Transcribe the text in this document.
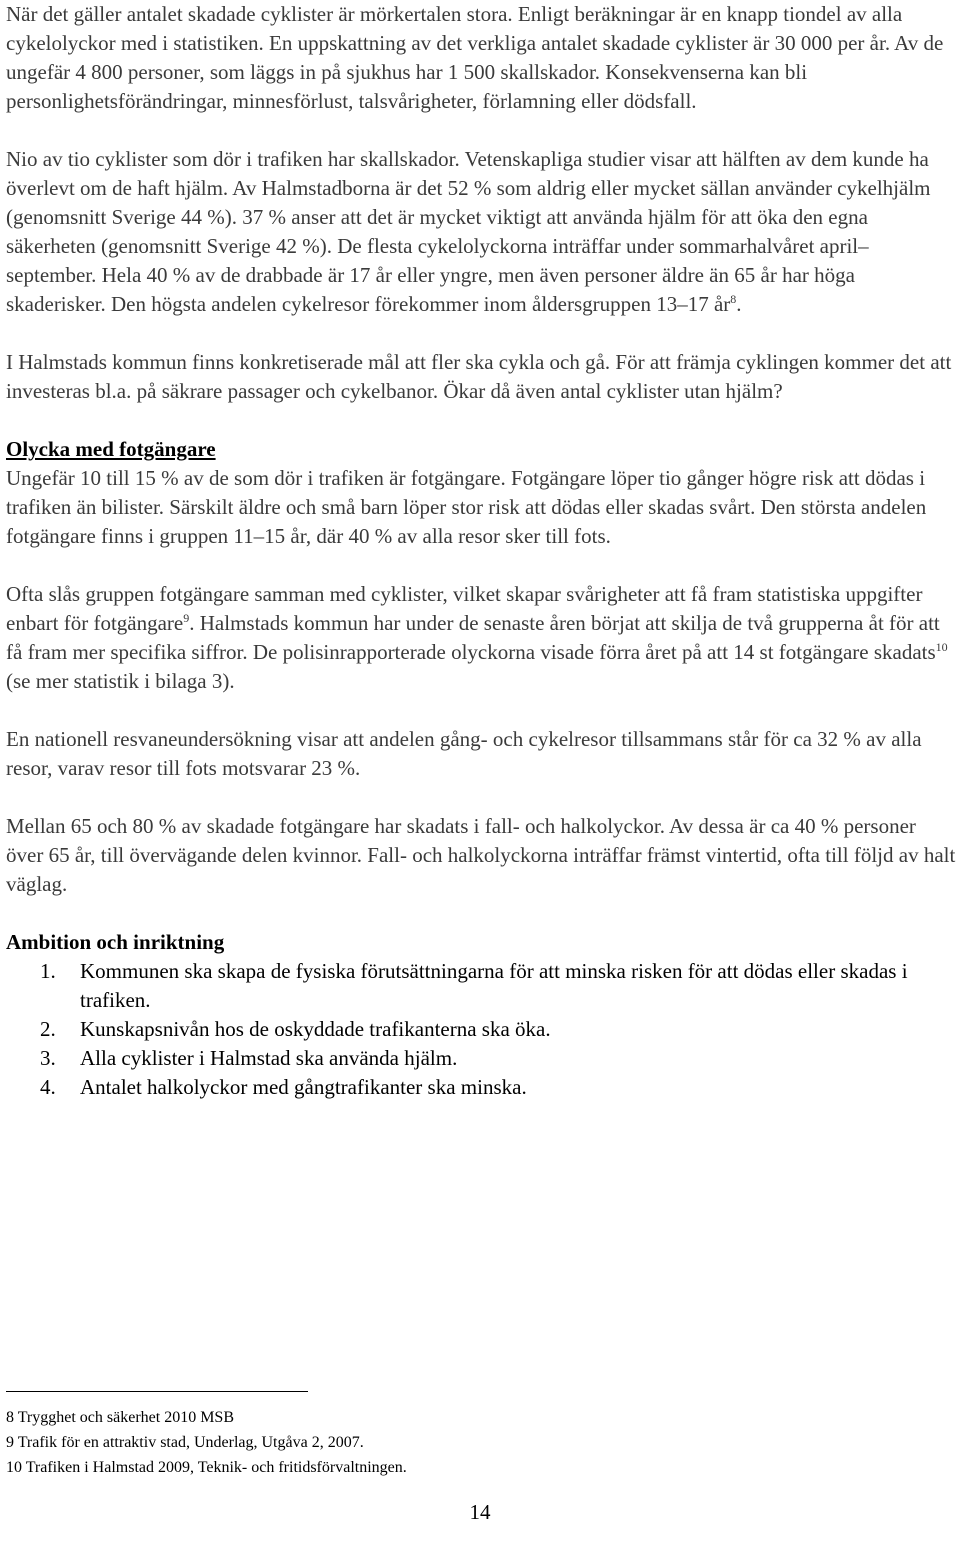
När det gäller antalet skadade cyklister är mörkertalen stora. Enligt beräkningar är en knapp tiondel av alla cykelolyckor med i statistiken. En uppskattning av det verkliga antalet skadade cyklister är 30 000 per år. Av de ungefär 4 800 personer, som läggs in på sjukhus har 1 500 skallskador. Konsekvenserna kan bli personlighetsförändringar, minnesförlust, talsvårigheter, förlamning eller dödsfall.

Nio av tio cyklister som dör i trafiken har skallskador. Vetenskapliga studier visar att hälften av dem kunde ha överlevt om de haft hjälm. Av Halmstadborna är det 52 % som aldrig eller mycket sällan använder cykelhjälm (genomsnitt Sverige 44 %). 37 % anser att det är mycket viktigt att använda hjälm för att öka den egna säkerheten (genomsnitt Sverige 42 %). De flesta cykelolyckorna inträffar under sommarhalvåret april– september. Hela 40 % av de drabbade är 17 år eller yngre, men även personer äldre än 65 år har höga skaderisker. Den högsta andelen cykelresor förekommer inom åldersgruppen 13–17 $år^8$.

I Halmstads kommun finns konkretiserade mål att fler ska cykla och gå. För att främja cyklingen kommer det att investeras bl.a. på säkrare passager och cykelbanor. Ökar då även antal cyklister utan hjälm?

Olycka med fotgängare

Ungefär 10 till 15 % av de som dör i trafiken är fotgängare. Fotgängare löper tio gånger högre risk att dödas i trafiken än bilister. Särskilt äldre och små barn löper stor risk att dödas eller skadas svårt. Den största andelen fotgängare finns i gruppen 11–15 år, där 40 % av alla resor sker till fots.

Ofta slås gruppen fotgängare samman med cyklister, vilket skapar svårigheter att få fram statistiska uppgifter enbart för fotgängare$^9$. Halmstads kommun har under de senaste åren börjat att skilja de två grupperna åt för att få fram mer specifika siffror. De polisinrapporterade olyckorna visade förra året på att 14 st fotgängare skadats$^{10}$ (se mer statistik i bilaga 3).

En nationell resvaneundersökning visar att andelen gång- och cykelresor tillsammans står för ca 32 % av alla resor, varav resor till fots motsvarar 23 %.

Mellan 65 och 80 % av skadade fotgängare har skadats i fall- och halkolyckor. Av dessa är ca 40 % personer över 65 år, till övervägande delen kvinnor. Fall- och halkolyckorna inträffar främst vintertid, ofta till följd av halt väglag.

Ambition och inriktning
1. Kommunen ska skapa de fysiska förutsättningarna för att minska risken för att dödas eller skadas i trafiken.
2. Kunskapsnivån hos de oskyddade trafikanterna ska öka.
3. Alla cyklister i Halmstad ska använda hjälm.
4. Antalet halkolyckor med gångtrafikanter ska minska.
8 Trygghet och säkerhet 2010 MSB
9 Trafik för en attraktiv stad, Underlag, Utgåva 2, 2007.
10 Trafiken i Halmstad 2009, Teknik- och fritidsförvaltningen.
14
